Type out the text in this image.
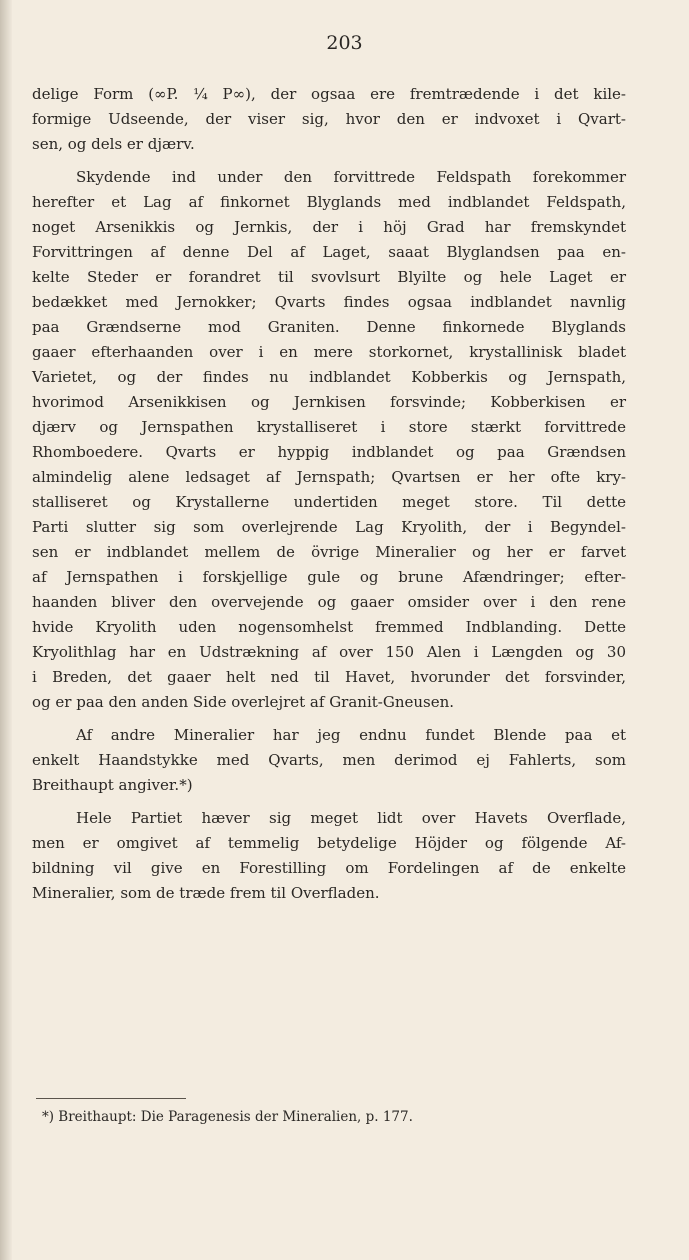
203
delige Form (∞P. ¼ P∞), der ogsaa ere fremtrædende i det kile-
formige Udseende, der viser sig, hvor den er indvoxet i Qvart-
sen, og dels er djærv.
Skydende ind under den forvittrede Feldspath forekommer
herefter et Lag af finkornet Blyglands med indblandet Feldspath,
noget Arsenikkis og Jernkis, der i höj Grad har fremskyndet
Forvittringen af denne Del af Laget, saaat Blyglandsen paa en-
kelte Steder er forandret til svovlsurt Blyilte og hele Laget er
bedækket med Jernokker; Qvarts findes ogsaa indblandet navnlig
paa Grændserne mod Graniten. Denne finkornede Blyglands
gaaer efterhaanden over i en mere storkornet, krystallinisk bladet
Varietet, og der findes nu indblandet Kobberkis og Jernspath,
hvorimod Arsenikkisen og Jernkisen forsvinde; Kobberkisen er
djærv og Jernspathen krystalliseret i store stærkt forvittrede
Rhomboedere. Qvarts er hyppig indblandet og paa Grændsen
almindelig alene ledsaget af Jernspath; Qvartsen er her ofte kry-
stalliseret og Krystallerne undertiden meget store. Til dette
Parti slutter sig som overlejrende Lag Kryolith, der i Begyndel-
sen er indblandet mellem de övrige Mineralier og her er farvet
af Jernspathen i forskjellige gule og brune Afændringer; efter-
haanden bliver den overvejende og gaaer omsider over i den rene
hvide Kryolith uden nogensomhelst fremmed Indblanding. Dette
Kryolithlag har en Udstrækning af over 150 Alen i Længden og 30
i Breden, det gaaer helt ned til Havet, hvorunder det forsvinder,
og er paa den anden Side overlejret af Granit-Gneusen.
Af andre Mineralier har jeg endnu fundet Blende paa et
enkelt Haandstykke med Qvarts, men derimod ej Fahlerts, som
Breithaupt angiver.*)
Hele Partiet hæver sig meget lidt over Havets Overflade,
men er omgivet af temmelig betydelige Höjder og fölgende Af-
bildning vil give en Forestilling om Fordelingen af de enkelte
Mineralier, som de træde frem til Overfladen.
*) Breithaupt: Die Paragenesis der Mineralien, p. 177.
